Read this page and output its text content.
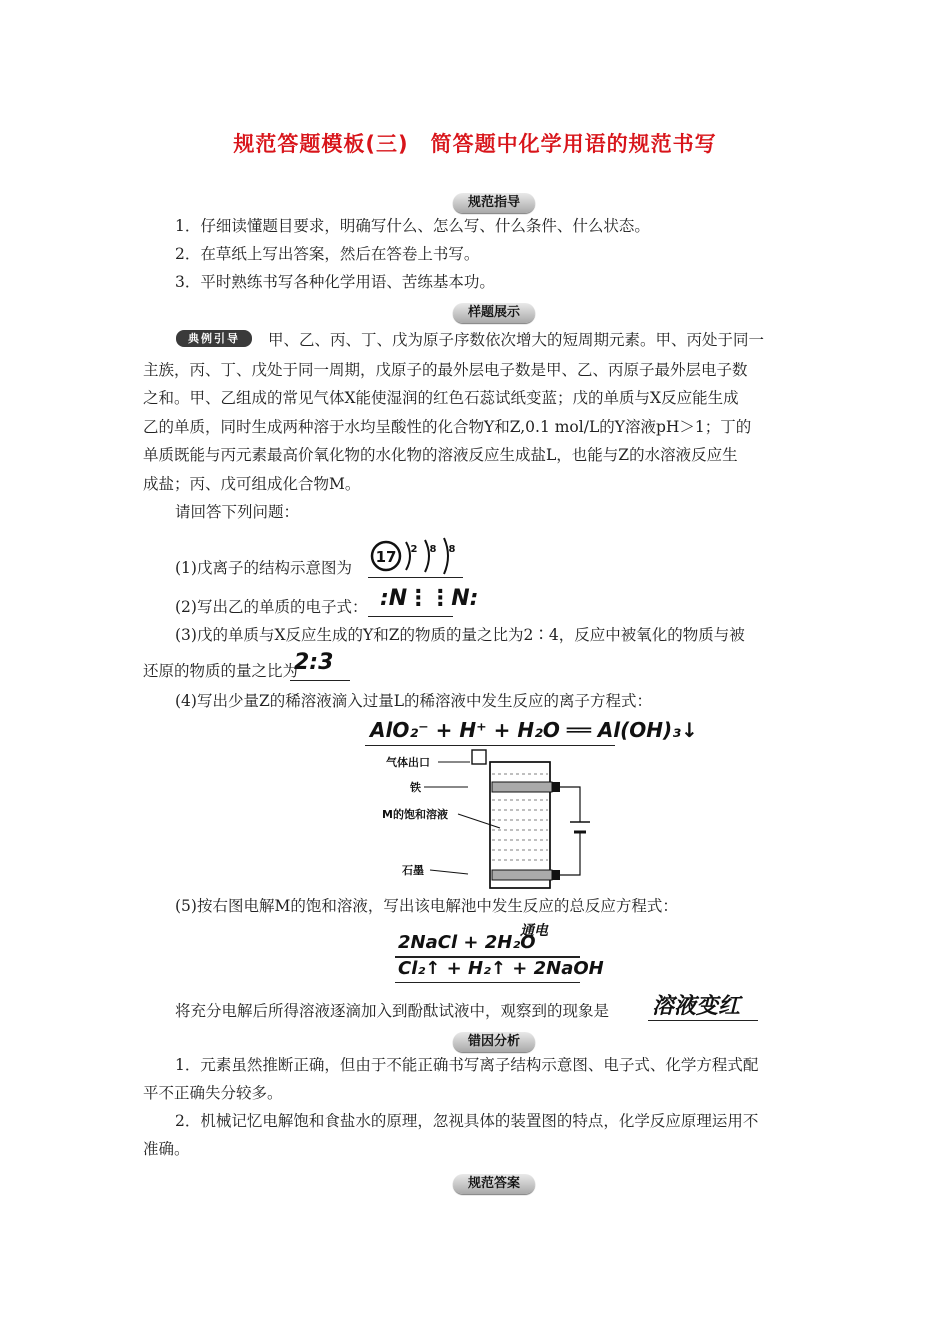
规范答题模板(三)　简答题中化学用语的规范书写
规范指导
1．仔细读懂题目要求，明确写什么、怎么写、什么条件、什么状态。
2．在草纸上写出答案，然后在答卷上书写。
3．平时熟练书写各种化学用语、苦练基本功。
样题展示
典例引导	甲、乙、丙、丁、戊为原子序数依次增大的短周期元素。甲、丙处于同一
主族，丙、丁、戊处于同一周期，戊原子的最外层电子数是甲、乙、丙原子最外层电子数
之和。甲、乙组成的常见气体X能使湿润的红色石蕊试纸变蓝；戊的单质与X反应能生成
乙的单质，同时生成两种溶于水均呈酸性的化合物Y和Z,0.1 mol/L的Y溶液pH＞1；丁的
单质既能与丙元素最高价氧化物的水化物的溶液反应生成盐L，也能与Z的水溶液反应生
成盐；丙、戊可组成化合物M。
请回答下列问题：
(1)戊离子的结构示意图为
17 2 8 8
(2)写出乙的单质的电子式： :N⋮⋮N:
(3)戊的单质与X反应生成的Y和Z的物质的量之比为2∶4，反应中被氧化的物质与被
还原的物质的量之比为
2:3
(4)写出少量Z的稀溶液滴入过量L的稀溶液中发生反应的离子方程式：
AlO₂⁻ + H⁺ + H₂O ══ Al(OH)₃↓
气体出口
铁
M的饱和溶液
石墨
(5)按右图电解M的饱和溶液，写出该电解池中发生反应的总反应方程式：
2NaCl + 2H₂O
通电
Cl₂↑ + H₂↑ + 2NaOH
将充分电解后所得溶液逐滴加入到酚酞试液中，观察到的现象是 溶液变红
错因分析
1．元素虽然推断正确，但由于不能正确书写离子结构示意图、电子式、化学方程式配
平不正确失分较多。
2．机械记忆电解饱和食盐水的原理，忽视具体的装置图的特点，化学反应原理运用不
准确。
规范答案
